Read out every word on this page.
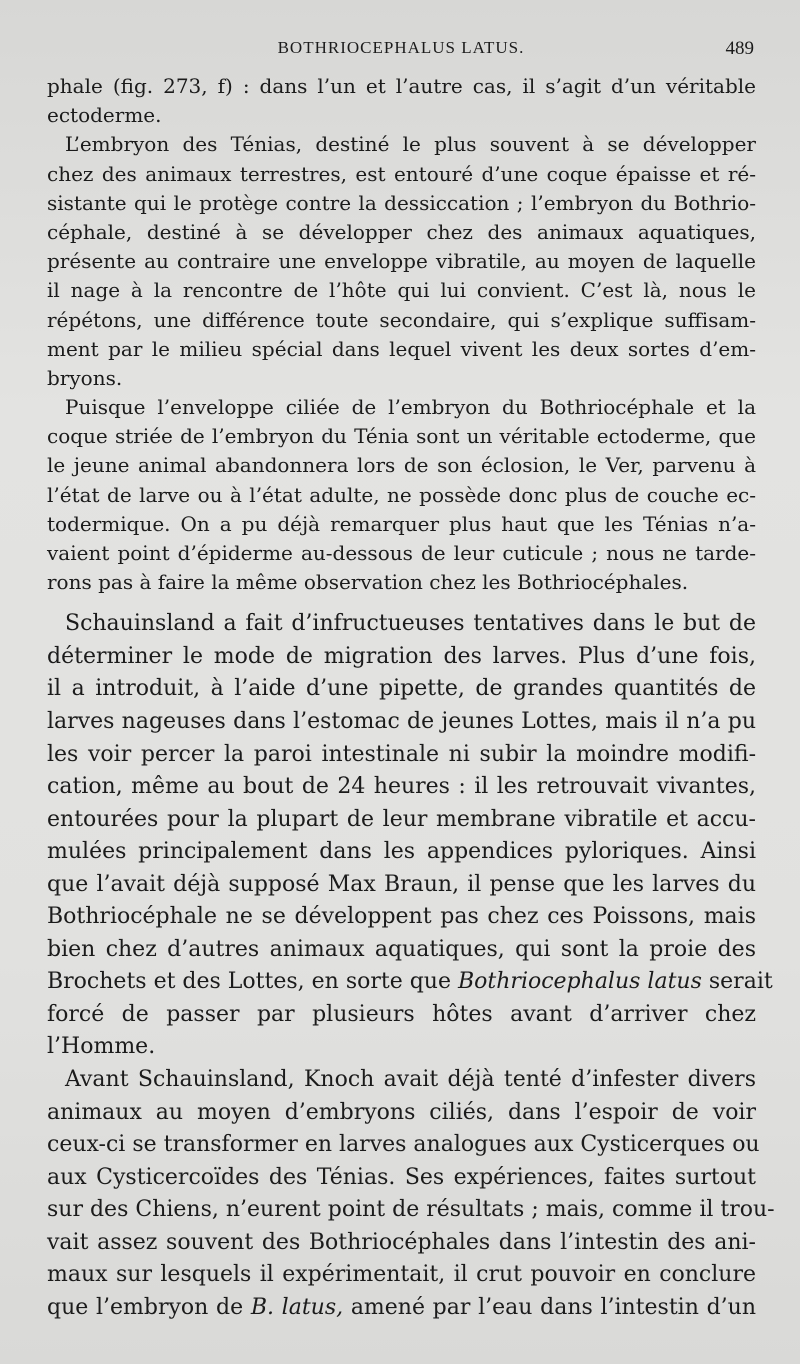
BOTHRIOCEPHALUS LATUS.	489
phale (fig. 273, f) : dans l’un et l’autre cas, il s’agit d’un véritable
ectoderme.
L’embryon des Ténias, destiné le plus souvent à se développer
chez des animaux terrestres, est entouré d’une coque épaisse et ré-
sistante qui le protège contre la dessiccation ; l’embryon du Bothrio-
céphale, destiné à se développer chez des animaux aquatiques,
présente au contraire une enveloppe vibratile, au moyen de laquelle
il nage à la rencontre de l’hôte qui lui convient. C’est là, nous le
répétons, une différence toute secondaire, qui s’explique suffisam-
ment par le milieu spécial dans lequel vivent les deux sortes d’em-
bryons.
Puisque l’enveloppe ciliée de l’embryon du Bothriocéphale et la
coque striée de l’embryon du Ténia sont un véritable ectoderme, que
le jeune animal abandonnera lors de son éclosion, le Ver, parvenu à
l’état de larve ou à l’état adulte, ne possède donc plus de couche ec-
todermique. On a pu déjà remarquer plus haut que les Ténias n’a-
vaient point d’épiderme au-dessous de leur cuticule ; nous ne tarde-
rons pas à faire la même observation chez les Bothriocéphales.
Schauinsland a fait d’infructueuses tentatives dans le but de
déterminer le mode de migration des larves. Plus d’une fois,
il a introduit, à l’aide d’une pipette, de grandes quantités de
larves nageuses dans l’estomac de jeunes Lottes, mais il n’a pu
les voir percer la paroi intestinale ni subir la moindre modifi-
cation, même au bout de 24 heures : il les retrouvait vivantes,
entourées pour la plupart de leur membrane vibratile et accu-
mulées principalement dans les appendices pyloriques. Ainsi
que l’avait déjà supposé Max Braun, il pense que les larves du
Bothriocéphale ne se développent pas chez ces Poissons, mais
bien chez d’autres animaux aquatiques, qui sont la proie des
Brochets et des Lottes, en sorte que Bothriocephalus latus serait
forcé de passer par plusieurs hôtes avant d’arriver chez
l’Homme.
Avant Schauinsland, Knoch avait déjà tenté d’infester divers
animaux au moyen d’embryons ciliés, dans l’espoir de voir
ceux-ci se transformer en larves analogues aux Cysticerques ou
aux Cysticercoïdes des Ténias. Ses expériences, faites surtout
sur des Chiens, n’eurent point de résultats ; mais, comme il trou-
vait assez souvent des Bothriocéphales dans l’intestin des ani-
maux sur lesquels il expérimentait, il crut pouvoir en conclure
que l’embryon de B. latus, amené par l’eau dans l’intestin d’un
